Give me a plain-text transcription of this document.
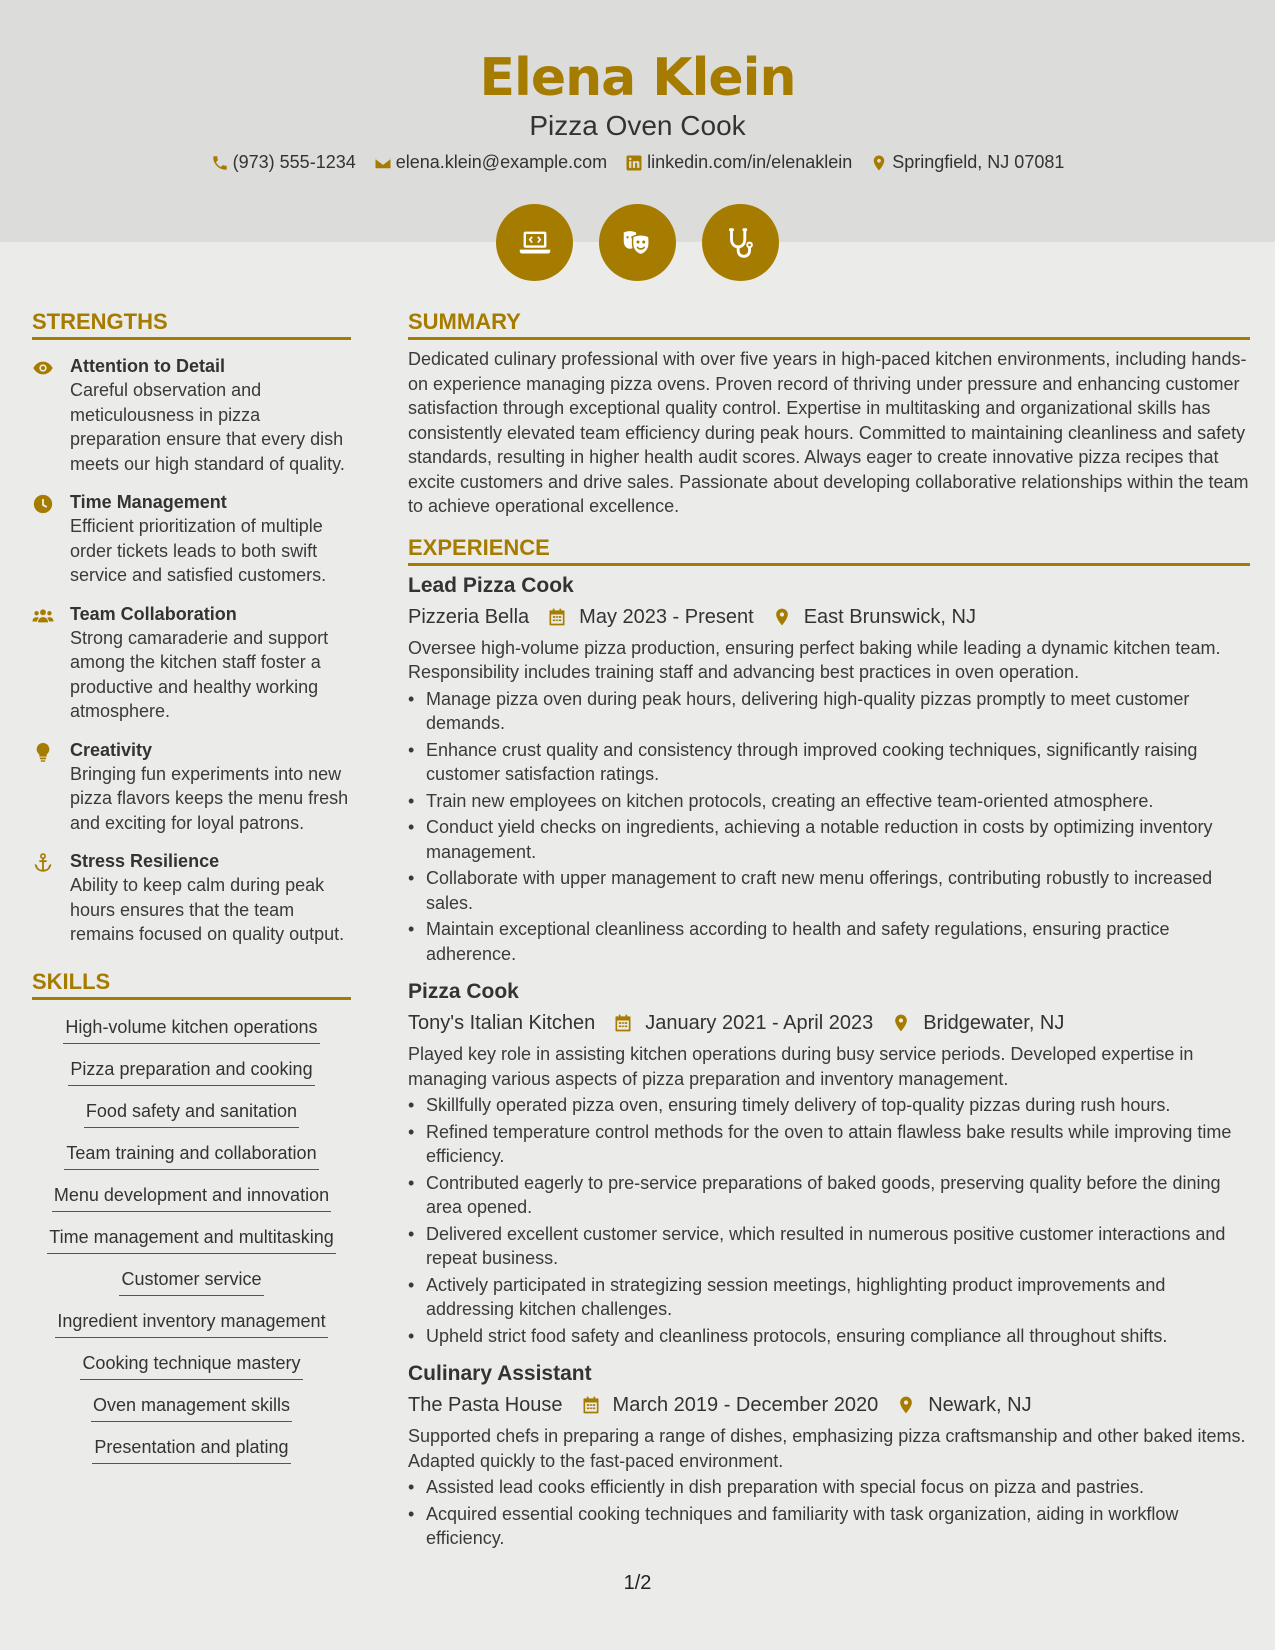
Elena Klein
Pizza Oven Cook
(973) 555-1234 elena.klein@example.com linkedin.com/in/elenaklein Springfield, NJ 07081
STRENGTHS
Attention to Detail
Careful observation and meticulousness in pizza preparation ensure that every dish meets our high standard of quality.
Time Management
Efficient prioritization of multiple order tickets leads to both swift service and satisfied customers.
Team Collaboration
Strong camaraderie and support among the kitchen staff foster a productive and healthy working atmosphere.
Creativity
Bringing fun experiments into new pizza flavors keeps the menu fresh and exciting for loyal patrons.
Stress Resilience
Ability to keep calm during peak hours ensures that the team remains focused on quality output.
SKILLS
High-volume kitchen operations
Pizza preparation and cooking
Food safety and sanitation
Team training and collaboration
Menu development and innovation
Time management and multitasking
Customer service
Ingredient inventory management
Cooking technique mastery
Oven management skills
Presentation and plating
SUMMARY
Dedicated culinary professional with over five years in high-paced kitchen environments, including hands-on experience managing pizza ovens. Proven record of thriving under pressure and enhancing customer satisfaction through exceptional quality control. Expertise in multitasking and organizational skills has consistently elevated team efficiency during peak hours. Committed to maintaining cleanliness and safety standards, resulting in higher health audit scores. Always eager to create innovative pizza recipes that excite customers and drive sales. Passionate about developing collaborative relationships within the team to achieve operational excellence.
EXPERIENCE
Lead Pizza Cook
Pizzeria Bella	May 2023 - Present	East Brunswick, NJ
Oversee high-volume pizza production, ensuring perfect baking while leading a dynamic kitchen team. Responsibility includes training staff and advancing best practices in oven operation.
• Manage pizza oven during peak hours, delivering high-quality pizzas promptly to meet customer demands.
• Enhance crust quality and consistency through improved cooking techniques, significantly raising customer satisfaction ratings.
• Train new employees on kitchen protocols, creating an effective team-oriented atmosphere.
• Conduct yield checks on ingredients, achieving a notable reduction in costs by optimizing inventory management.
• Collaborate with upper management to craft new menu offerings, contributing robustly to increased sales.
• Maintain exceptional cleanliness according to health and safety regulations, ensuring practice adherence.
Pizza Cook
Tony's Italian Kitchen	January 2021 - April 2023	Bridgewater, NJ
Played key role in assisting kitchen operations during busy service periods. Developed expertise in managing various aspects of pizza preparation and inventory management.
• Skillfully operated pizza oven, ensuring timely delivery of top-quality pizzas during rush hours.
• Refined temperature control methods for the oven to attain flawless bake results while improving time efficiency.
• Contributed eagerly to pre-service preparations of baked goods, preserving quality before the dining area opened.
• Delivered excellent customer service, which resulted in numerous positive customer interactions and repeat business.
• Actively participated in strategizing session meetings, highlighting product improvements and addressing kitchen challenges.
• Upheld strict food safety and cleanliness protocols, ensuring compliance all throughout shifts.
Culinary Assistant
The Pasta House	March 2019 - December 2020	Newark, NJ
Supported chefs in preparing a range of dishes, emphasizing pizza craftsmanship and other baked items. Adapted quickly to the fast-paced environment.
• Assisted lead cooks efficiently in dish preparation with special focus on pizza and pastries.
• Acquired essential cooking techniques and familiarity with task organization, aiding in workflow efficiency.
1/2
